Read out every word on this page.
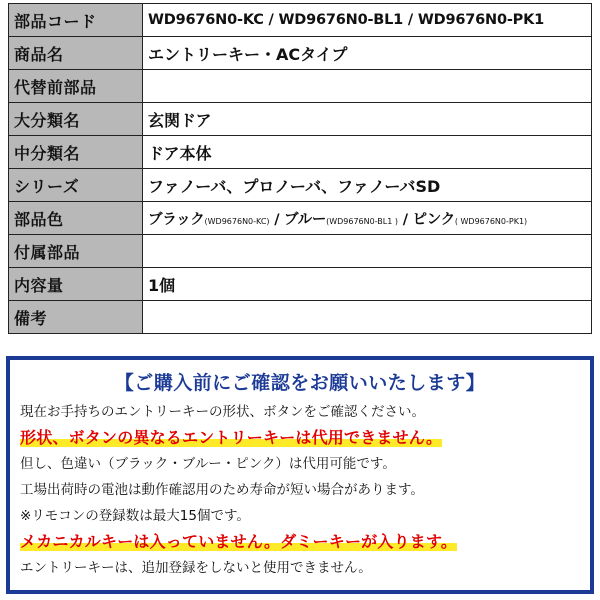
部品コード	WD9676N0-KC / WD9676N0-BL1 / WD9676N0-PK1
商品名	エントリーキー・ACタイプ
代替前部品	
大分類名	玄関ドア
中分類名	ドア本体
シリーズ	ファノーバ、プロノーバ、ファノーバSD
部品色	ブラック(WD9676N0-KC) / ブルー(WD9676N0-BL1 ) / ピンク( WD9676N0-PK1)
付属部品	
内容量	1個
備考	
【ご購入前にご確認をお願いいたします】
現在お手持ちのエントリーキーの形状、ボタンをご確認ください。
形状、ボタンの異なるエントリーキーは代用できません。
但し、色違い（ブラック・ブルー・ピンク）は代用可能です。
工場出荷時の電池は動作確認用のため寿命が短い場合があります。
※リモコンの登録数は最大15個です。
メカニカルキーは入っていません。ダミーキーが入ります。
エントリーキーは、追加登録をしないと使用できません。
